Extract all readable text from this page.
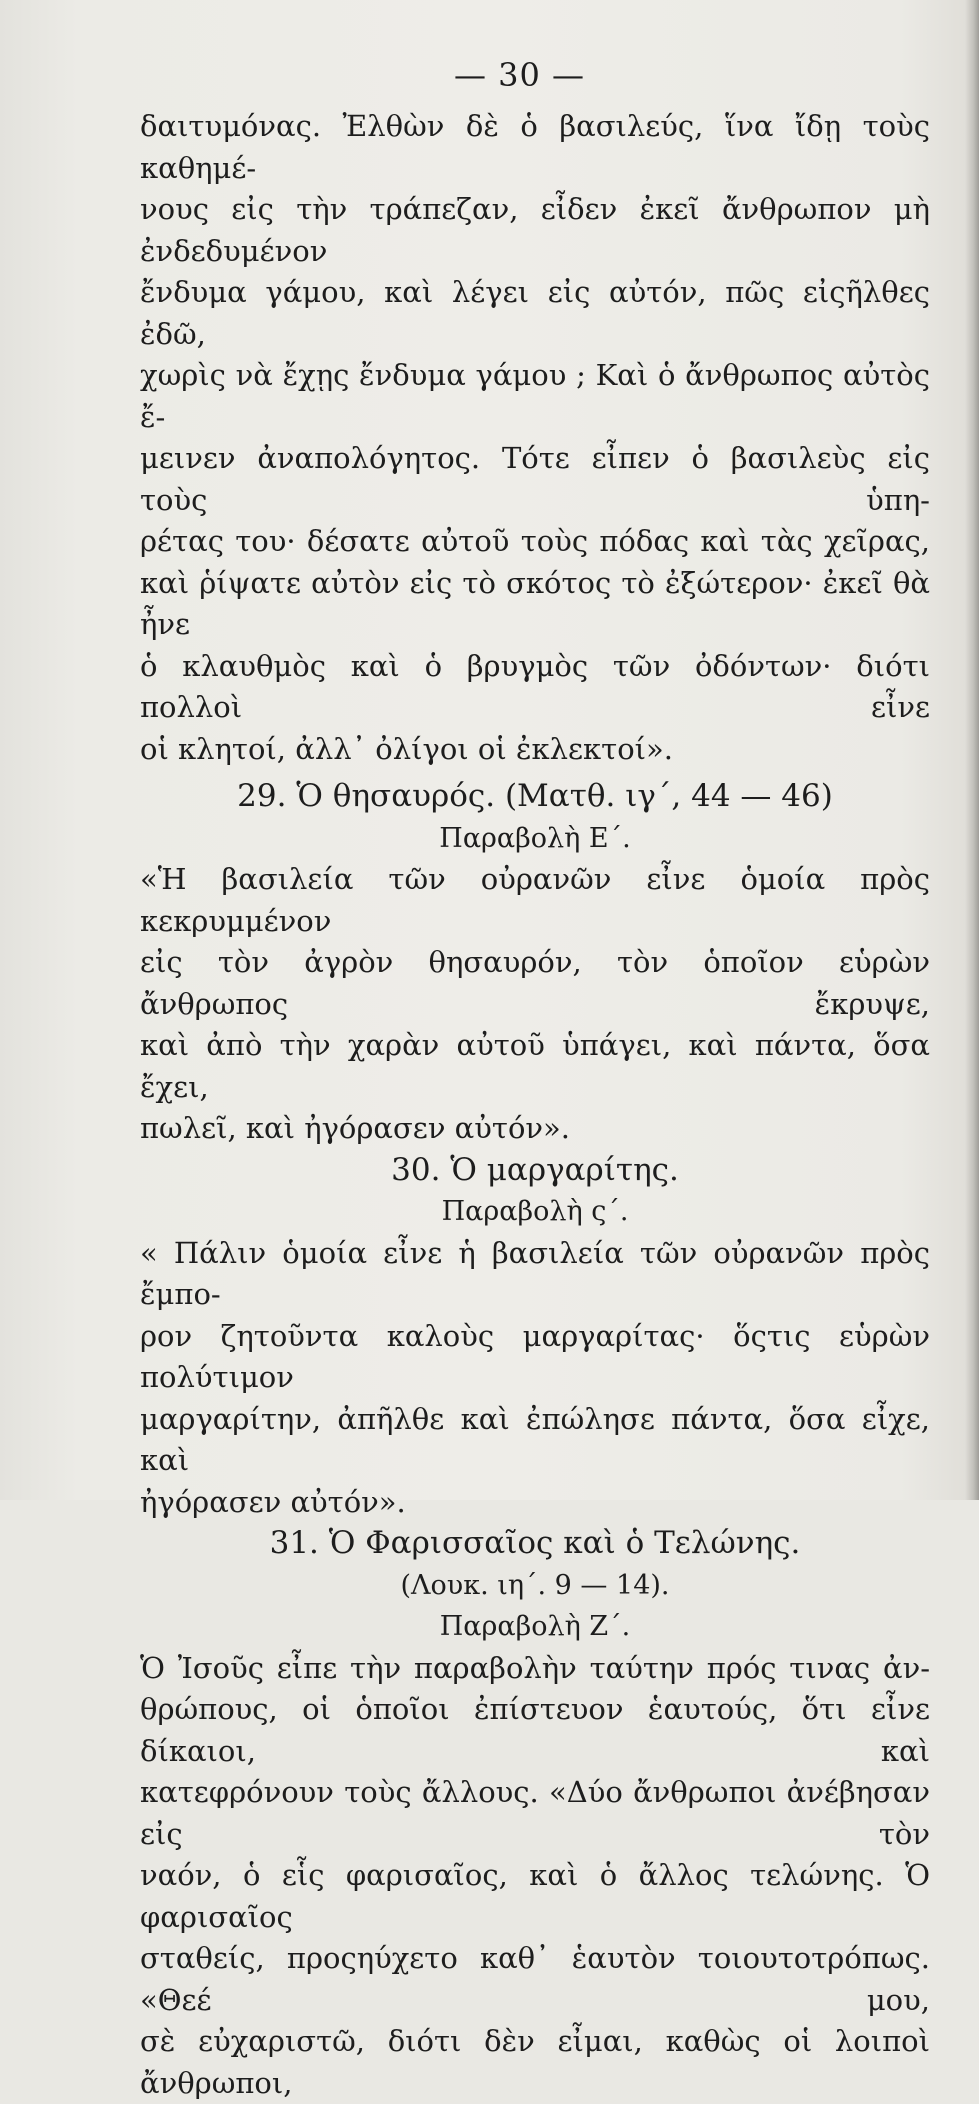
— 30 —
δαιτυμόνας. Ἐλθὼν δὲ ὁ βασιλεύς, ἵνα ἴδῃ τοὺς καθημέ-
νους εἰς τὴν τράπεζαν, εἶδεν ἐκεῖ ἄνθρωπον μὴ ἐνδεδυμένον
ἔνδυμα γάμου, καὶ λέγει εἰς αὐτόν, πῶς εἰςῆλθες ἐδῶ,
χωρὶς νὰ ἔχῃς ἔνδυμα γάμου ; Καὶ ὁ ἄνθρωπος αὐτὸς ἔ-
μεινεν ἀναπολόγητος. Τότε εἶπεν ὁ βασιλεὺς εἰς τοὺς ὑπη-
ρέτας του· δέσατε αὐτοῦ τοὺς πόδας καὶ τὰς χεῖρας,
καὶ ῥίψατε αὐτὸν εἰς τὸ σκότος τὸ ἐξώτερον· ἐκεῖ θὰ ἦνε
ὁ κλαυθμὸς καὶ ὁ βρυγμὸς τῶν ὀδόντων· διότι πολλοὶ εἶνε
οἱ κλητοί, ἀλλ᾽ ὀλίγοι οἱ ἐκλεκτοί».
29. Ὁ θησαυρός. (Ματθ. ιγ´, 44 — 46)
Παραβολὴ Ε´.
«Ἡ βασιλεία τῶν οὐρανῶν εἶνε ὁμοία πρὸς κεκρυμμένον
εἰς τὸν ἀγρὸν θησαυρόν, τὸν ὁποῖον εὑρὼν ἄνθρωπος ἔκρυψε,
καὶ ἀπὸ τὴν χαρὰν αὐτοῦ ὑπάγει, καὶ πάντα, ὅσα ἔχει,
πωλεῖ, καὶ ἠγόρασεν αὐτόν».
30. Ὁ μαργαρίτης.
Παραβολὴ ς´.
« Πάλιν ὁμοία εἶνε ἡ βασιλεία τῶν οὐρανῶν πρὸς ἔμπο-
ρον ζητοῦντα καλοὺς μαργαρίτας· ὅςτις εὑρὼν πολύτιμον
μαργαρίτην, ἀπῆλθε καὶ ἐπώλησε πάντα, ὅσα εἶχε, καὶ
ἠγόρασεν αὐτόν».
31. Ὁ Φαρισσαῖος καὶ ὁ Τελώνης.
(Λουκ. ιη´. 9 — 14).
Παραβολὴ Ζ´.
Ὁ Ἰσοῦς εἶπε τὴν παραβολὴν ταύτην πρός τινας ἀν-
θρώπους, οἱ ὁποῖοι ἐπίστευον ἑαυτούς, ὅτι εἶνε δίκαιοι, καὶ
κατεφρόνουν τοὺς ἄλλους. «Δύο ἄνθρωποι ἀνέβησαν εἰς τὸν
ναόν, ὁ εἷς φαρισαῖος, καὶ ὁ ἄλλος τελώνης. Ὁ φαρισαῖος
σταθείς, προςηύχετο καθ᾽ ἑαυτὸν τοιουτοτρόπως. «Θεέ μου,
σὲ εὐχαριστῶ, διότι δὲν εἶμαι, καθὼς οἱ λοιποὶ ἄνθρωποι,
